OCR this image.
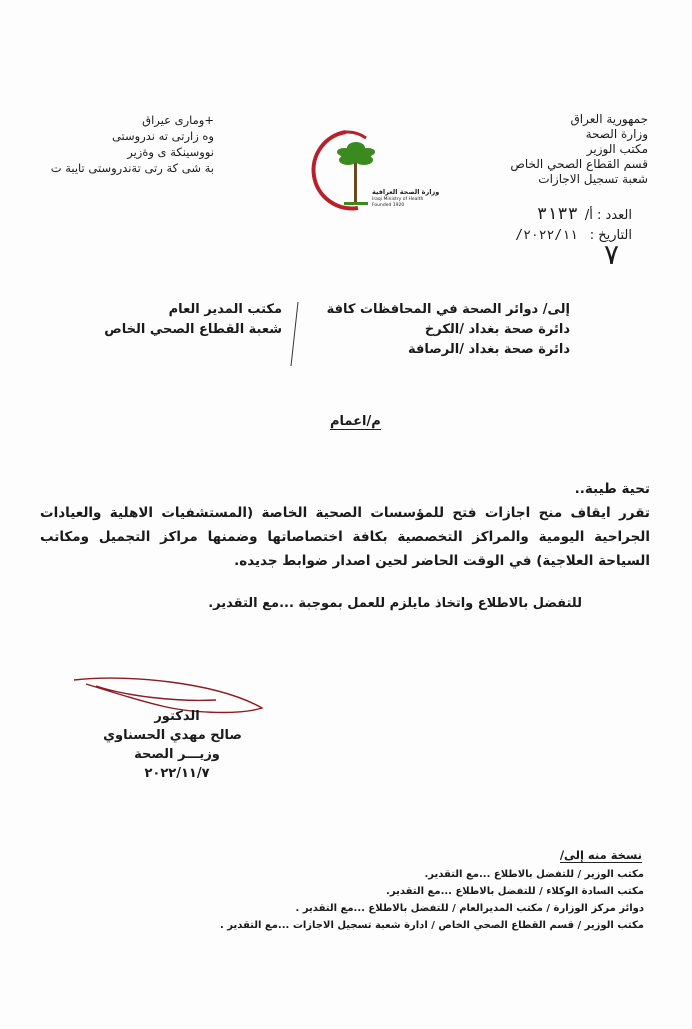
جمهورية العراق
وزارة الصحة
مكتب الوزير
قسم القطاع الصحي الخاص
شعبة تسجيل الاجازات
+ومارى عيراق
وه زارتى ته ندروستى
نووسينكة ى وةزير
بة شى كة رتى تةندروستى تايبة ت
وزارة الصحة العراقية
Iraqi Ministry of Health
Founded 1920
العدد : أ/ ٣١٣٣
التاريخ : ٢٠٢٢/١١/
٧
إلى/ دوائر الصحة في المحافظات كافة
دائرة صحة بغداد /الكرخ
دائرة صحة بغداد /الرصافة
مكتب المدير العام
شعبة القطاع الصحي الخاص
م/اعمام

تحية طيبة..

تقرر ايقاف منح اجازات فتح للمؤسسات الصحية الخاصة (المستشفيات الاهلية والعيادات الجراحية اليومية والمراكز التخصصية بكافة اختصاصاتها وضمنها مراكز التجميل ومكاتب السياحة العلاجية) في الوقت الحاضر لحين اصدار ضوابط جديده.

للتفضل بالاطلاع واتخاذ مايلزم للعمل بموجبة ...مع التقدير.
الدكتور
صالح مهدي الحسناوي
وزيـــر الصحة
٢٠٢٢/١١/٧
نسخة منه إلى/
مكتب الوزير / للتفضل بالاطلاع ...مع التقدير.
مكتب السادة الوكلاء / للتفضل بالاطلاع ...مع التقدير.
دوائر مركز الوزارة / مكتب المديرالعام / للتفضل بالاطلاع ...مع التقدير .
مكتب الوزير / قسم القطاع الصحي الخاص / ادارة شعبة تسجيل الاجازات ...مع التقدير .
